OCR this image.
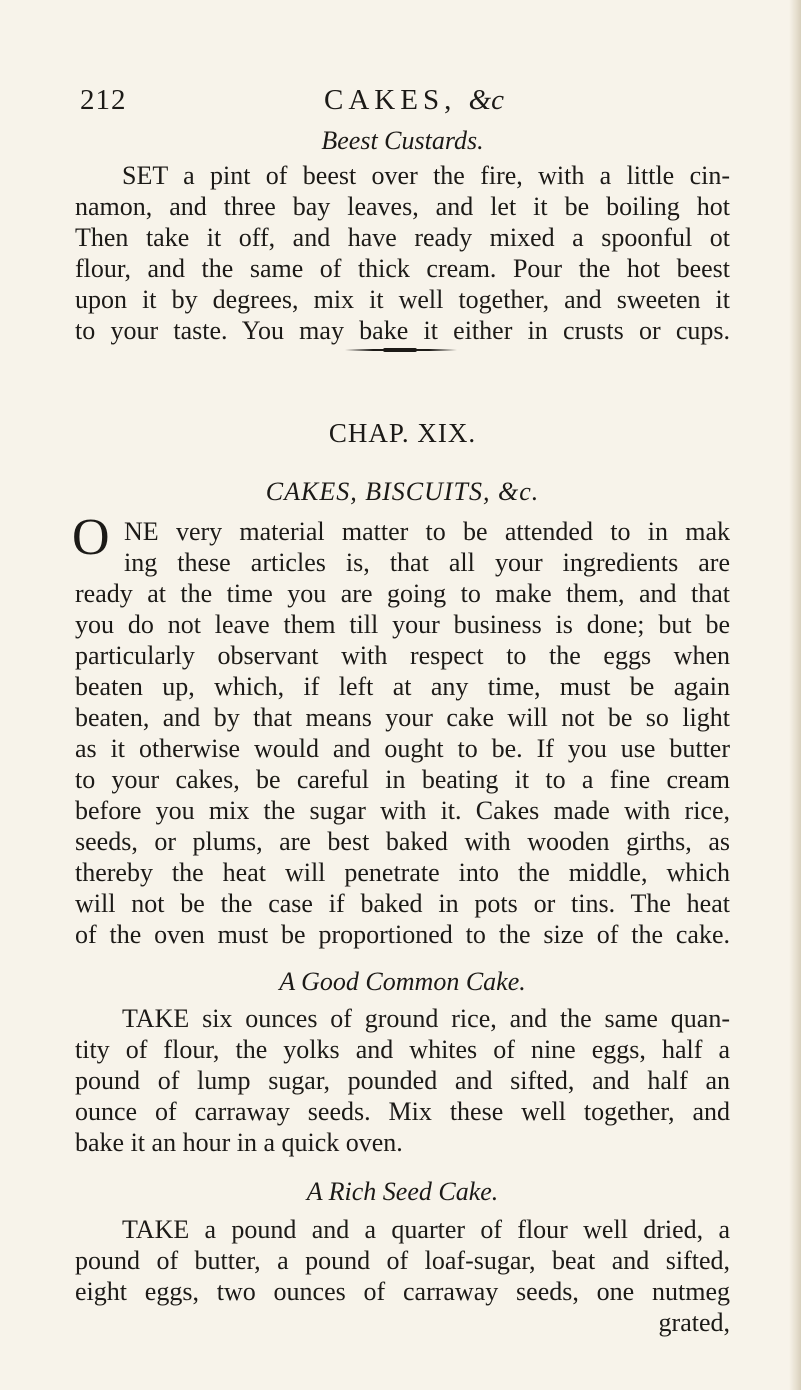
212	CAKES, &c
Beest Custards.
SET a pint of beest over the fire, with a little cin-
namon, and three bay leaves, and let it be boiling hot
Then take it off, and have ready mixed a spoonful ot
flour, and the same of thick cream. Pour the hot beest
upon it by degrees, mix it well together, and sweeten it
to your taste. You may bake it either in crusts or cups.
CHAP. XIX.
CAKES, BISCUITS, &c.
O NE very material matter to be attended to in mak
ing these articles is, that all your ingredients are
ready at the time you are going to make them, and that
you do not leave them till your business is done; but be
particularly observant with respect to the eggs when
beaten up, which, if left at any time, must be again
beaten, and by that means your cake will not be so light
as it otherwise would and ought to be. If you use butter
to your cakes, be careful in beating it to a fine cream
before you mix the sugar with it. Cakes made with rice,
seeds, or plums, are best baked with wooden girths, as
thereby the heat will penetrate into the middle, which
will not be the case if baked in pots or tins. The heat
of the oven must be proportioned to the size of the cake.
A Good Common Cake.
TAKE six ounces of ground rice, and the same quan-
tity of flour, the yolks and whites of nine eggs, half a
pound of lump sugar, pounded and sifted, and half an
ounce of carraway seeds. Mix these well together, and
bake it an hour in a quick oven.
A Rich Seed Cake.
TAKE a pound and a quarter of flour well dried, a
pound of butter, a pound of loaf-sugar, beat and sifted,
eight eggs, two ounces of carraway seeds, one nutmeg
grated,
